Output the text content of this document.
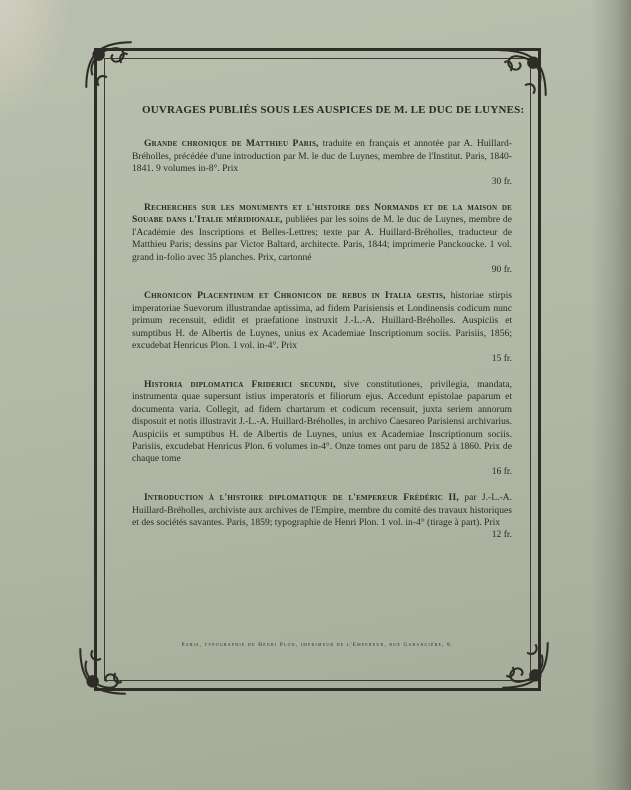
OUVRAGES PUBLIÉS SOUS LES AUSPICES DE M. LE DUC DE LUYNES:
Grande chronique de Matthieu Paris, traduite en français et annotée par A. Huillard-Bréholles, précédée d'une introduction par M. le duc de Luynes, membre de l'Institut. Paris, 1840-1841. 9 volumes in-8°. Prix
30 fr.
Recherches sur les monuments et l'histoire des Normands et de la maison de Souabe dans l'Italie méridionale, publiées par les soins de M. le duc de Luynes, membre de l'Académie des Inscriptions et Belles-Lettres; texte par A. Huillard-Bréholles, traducteur de Matthieu Paris; dessins par Victor Baltard, architecte. Paris, 1844; imprimerie Panckoucke. 1 vol. grand in-folio avec 35 planches. Prix, cartonné
90 fr.
Chronicon Placentinum et Chronicon de rebus in Italia gestis, historiae stirpis imperatoriae Suevorum illustrandae aptissima, ad fidem Parisiensis et Londinensis codicum nunc primum recensuit, edidit et praefatione instruxit J.-L.-A. Huillard-Bréholles. Auspiciis et sumptibus H. de Albertis de Luynes, unius ex Academiae Inscriptionum sociis. Parisiis, 1856; excudebat Henricus Plon. 1 vol. in-4°. Prix
15 fr.
Historia diplomatica Friderici secundi, sive constitutiones, privilegia, mandata, instrumenta quae supersunt istius imperatoris et filiorum ejus. Accedunt epistolae paparum et documenta varia. Collegit, ad fidem chartarum et codicum recensuit, juxta seriem annorum disposuit et notis illustravit J.-L.-A. Huillard-Bréholles, in archivo Caesareo Parisiensi archivarius. Auspiciis et sumptibus H. de Albertis de Luynes, unius ex Academiae Inscriptionum sociis. Parisiis, excudebat Henricus Plon. 6 volumes in-4°. Onze tomes ont paru de 1852 à 1860. Prix de chaque tome
16 fr.
Introduction à l'histoire diplomatique de l'empereur Frédéric II, par J.-L.-A. Huillard-Bréholles, archiviste aux archives de l'Empire, membre du comité des travaux historiques et des sociétés savantes. Paris, 1859; typographie de Henri Plon. 1 vol. in-4° (tirage à part). Prix
12 fr.
Paris, typographie de Henri Plon, imprimeur de l'Empereur, rue Garancière, 8.
